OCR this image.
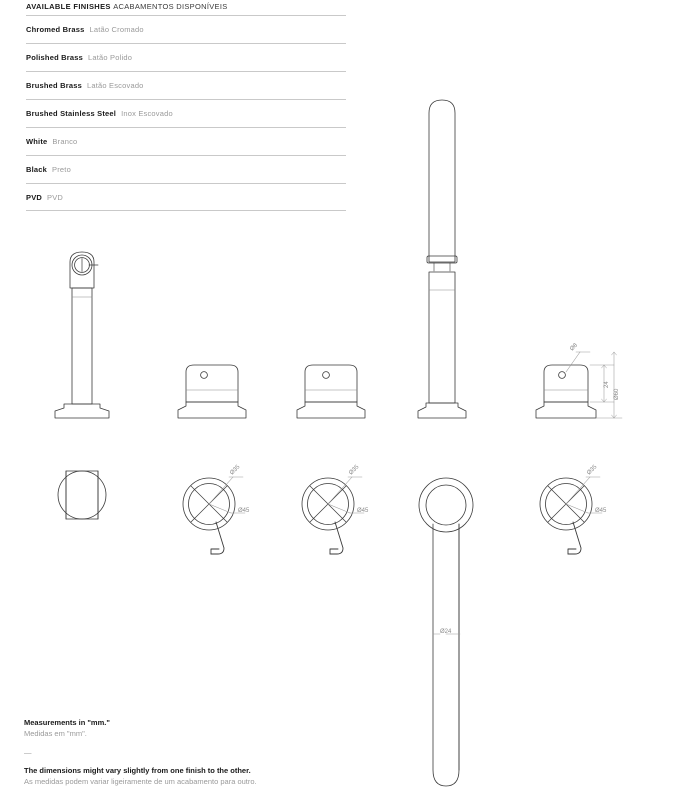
AVAILABLE FINISHES ACABAMENTOS DISPONÍVEIS
Chromed Brass Latão Cromado
Polished Brass Latão Polido
Brushed Brass Latão Escovado
Brushed Stainless Steel Inox Escovado
White Branco
Black Preto
PVD PVD
Ø8
24
Ø60
Ø35
Ø45
Ø35
Ø45
Ø35
Ø45
Ø24
Measurements in "mm."
Medidas em "mm".
—
The dimensions might vary slightly from one finish to the other.
As medidas podem variar ligeiramente de um acabamento para outro.
